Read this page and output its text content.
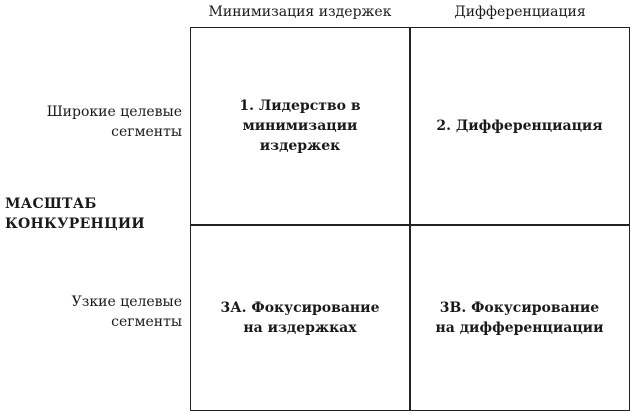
Минимизация издержек	Дифференциация
Широкие целевые
сегменты
Узкие целевые
сегменты
МАСШТАБ
КОНКУРЕНЦИИ
1. Лидерство в минимизации
издержек
2. Дифференциация
3А. Фокусирование
на издержках
3В. Фокусирование
на дифференциации
